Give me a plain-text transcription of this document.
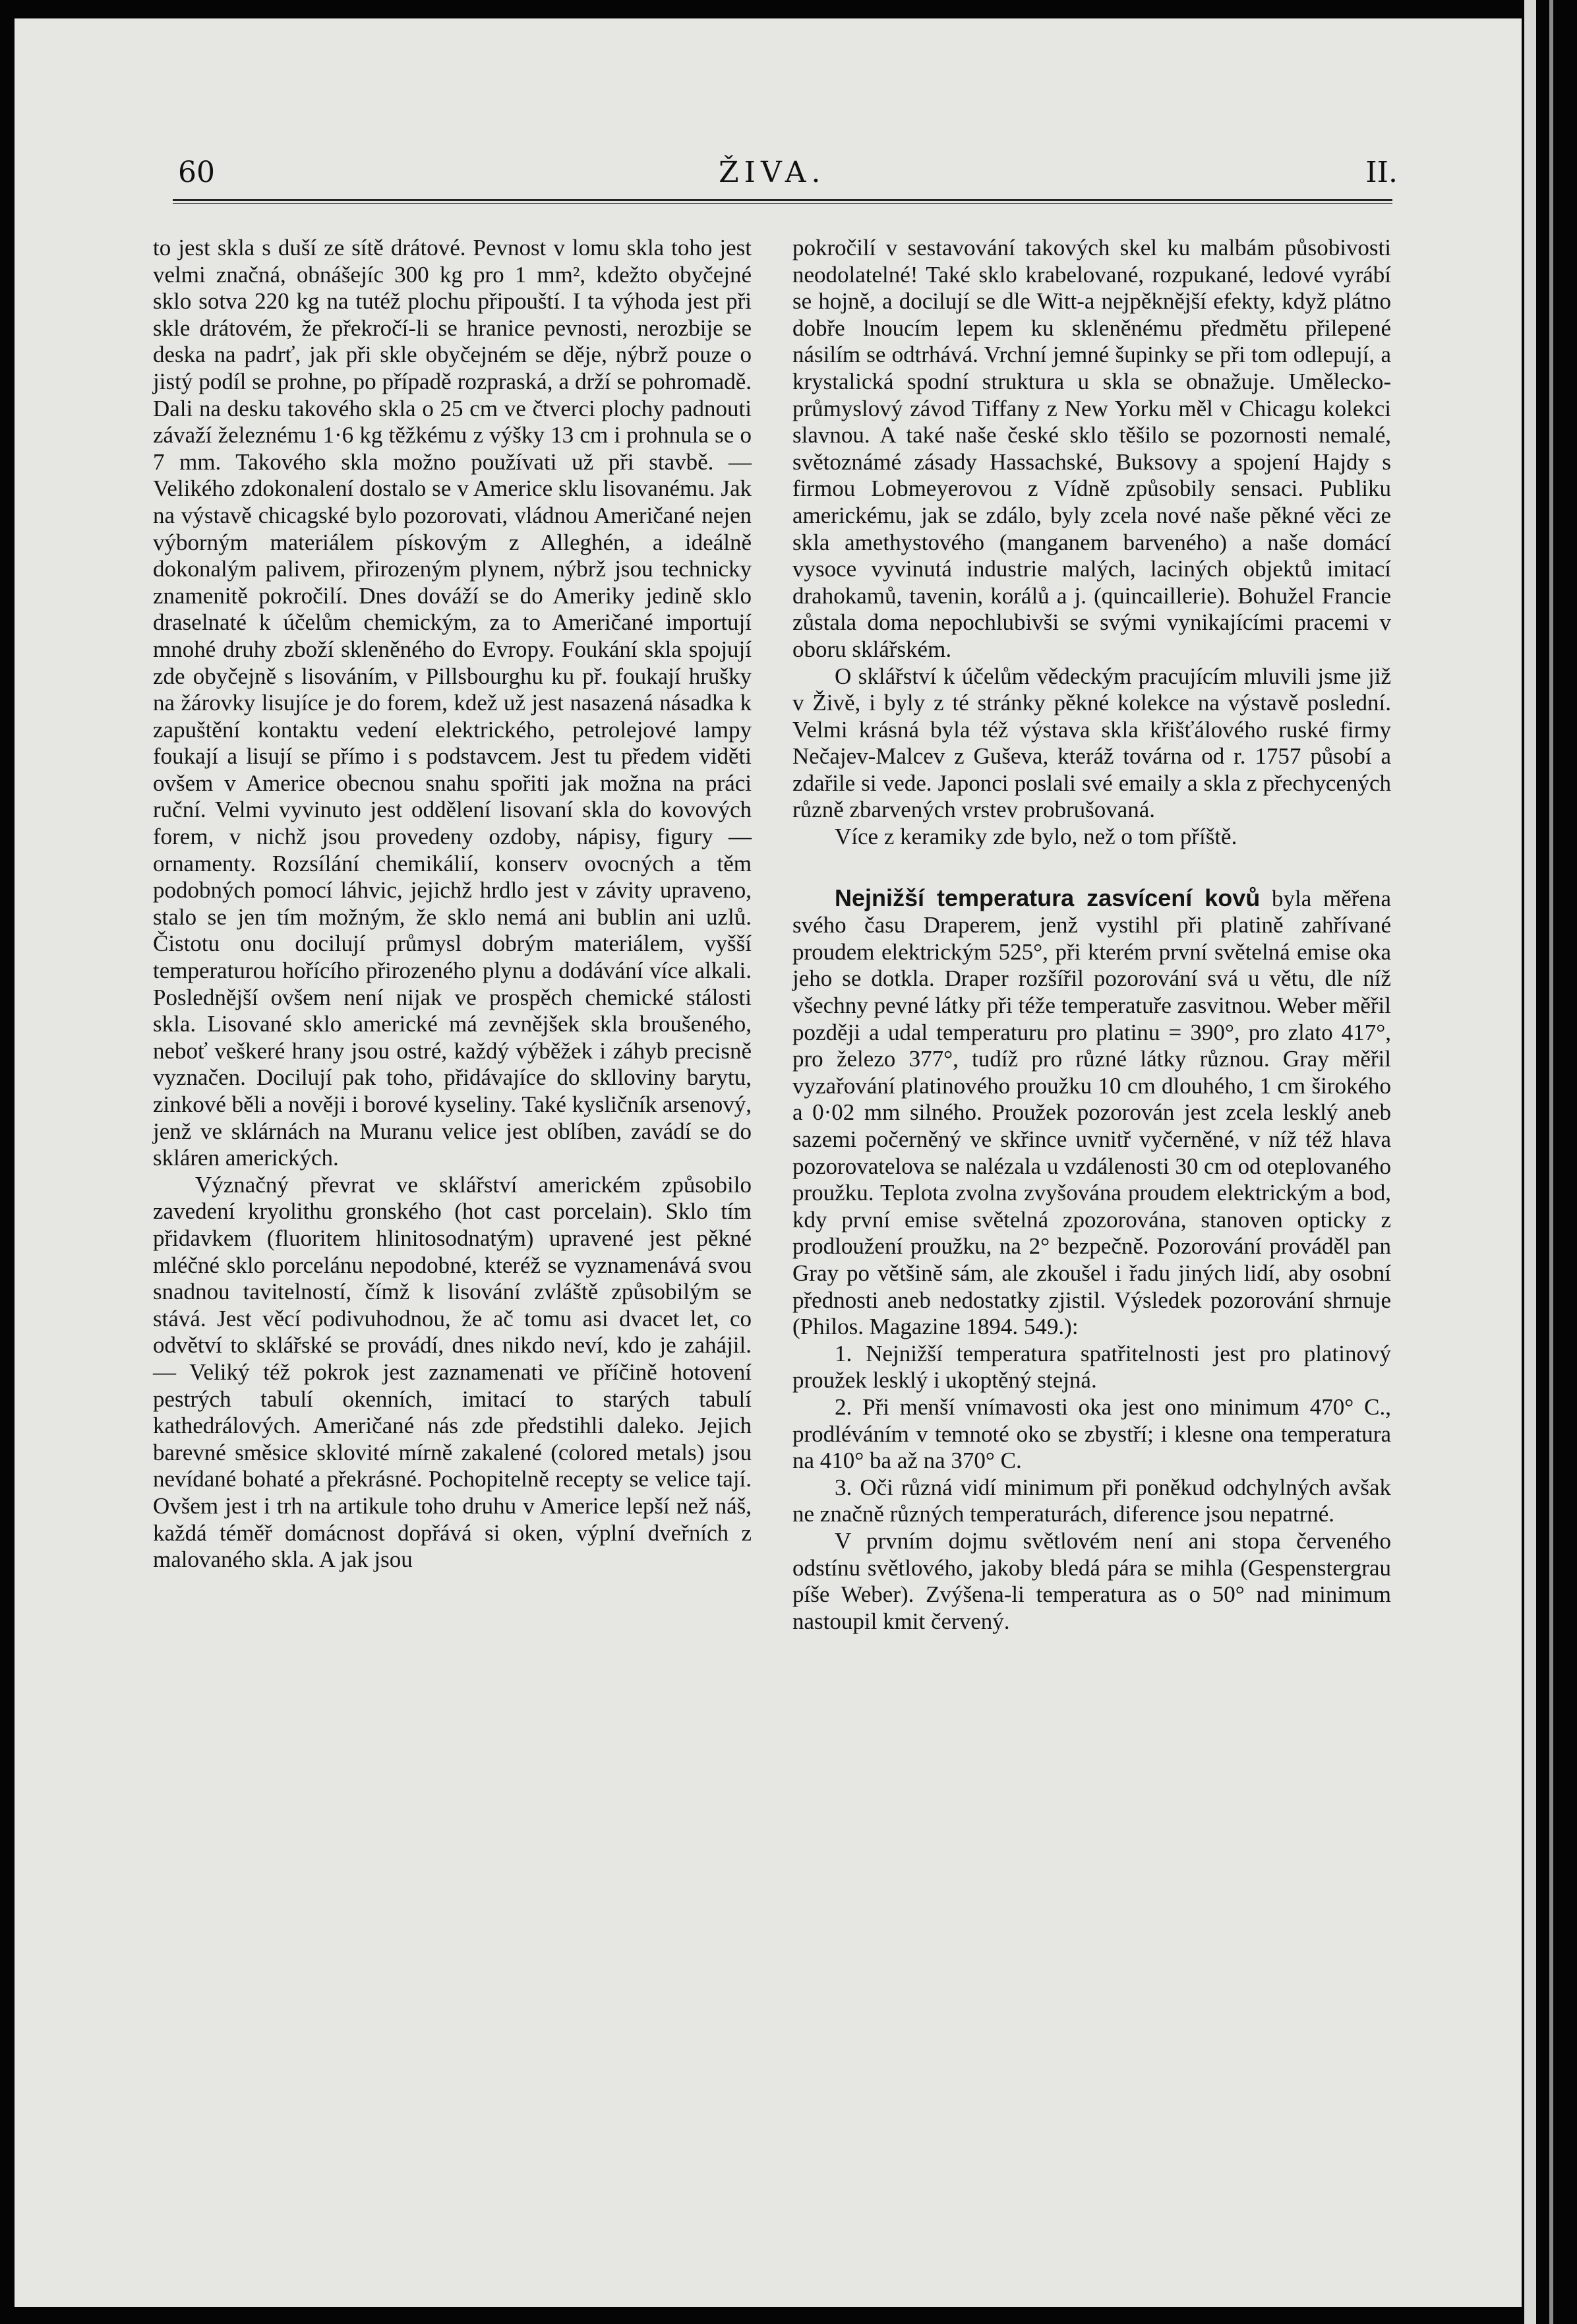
60	ŽIVA.	II.

to jest skla s duší ze sítě drátové. Pevnost v lomu skla toho jest velmi značná, obnášejíc 300 kg pro 1 mm², kdežto obyčejné sklo sotva 220 kg na tutéž plochu připouští. I ta výhoda jest při skle drátovém, že překročí-li se hranice pevnosti, nerozbije se deska na padrť, jak při skle obyčejném se děje, nýbrž pouze o jistý podíl se prohne, po případě rozpraská, a drží se pohromadě. Dali na desku takového skla o 25 cm ve čtverci plochy padnouti závaží železnému 1·6 kg těžkému z výšky 13 cm i prohnula se o 7 mm. Takového skla možno používati už při stavbě. — Velikého zdokonalení dostalo se v Americe sklu lisovanému. Jak na výstavě chicagské bylo pozorovati, vládnou Američané nejen výborným materiálem pískovým z Alleghén, a ideálně dokonalým palivem, přirozeným plynem, nýbrž jsou technicky znamenitě pokročilí. Dnes dováží se do Ameriky jedině sklo draselnaté k účelům chemickým, za to Američané importují mnohé druhy zboží skleněného do Evropy. Foukání skla spojují zde obyčejně s lisováním, v Pillsbourghu ku př. foukají hrušky na žárovky lisujíce je do forem, kdež už jest nasazená násadka k zapuštění kontaktu vedení elektrického, petrolejové lampy foukají a lisují se přímo i s podstavcem. Jest tu předem viděti ovšem v Americe obecnou snahu spořiti jak možna na práci ruční. Velmi vyvinuto jest oddělení lisovaní skla do kovových forem, v nichž jsou provedeny ozdoby, nápisy, figury — ornamenty. Rozsílání chemikálií, konserv ovocných a těm podobných pomocí láhvic, jejichž hrdlo jest v závity upraveno, stalo se jen tím možným, že sklo nemá ani bublin ani uzlů. Čistotu onu docilují průmysl dobrým materiálem, vyšší temperaturou hořícího přirozeného plynu a dodávání více alkali. Poslednější ovšem není nijak ve prospěch chemické stálosti skla. Lisované sklo americké má zevnějšek skla broušeného, neboť veškeré hrany jsou ostré, každý výběžek i záhyb precisně vyznačen. Docilují pak toho, přidávajíce do sklloviny barytu, zinkové běli a nověji i borové kyseliny. Také kysličník arsenový, jenž ve sklárnách na Muranu velice jest oblíben, zavádí se do skláren amerických.

Význačný převrat ve sklářství americkém způsobilo zavedení kryolithu gronského (hot cast porcelain). Sklo tím přidavkem (fluoritem hlinitosodnatým) upravené jest pěkné mléčné sklo porcelánu nepodobné, kteréž se vyznamenává svou snadnou tavitelností, čímž k lisování zvláště způsobilým se stává. Jest věcí podivuhodnou, že ač tomu asi dvacet let, co odvětví to sklářské se provádí, dnes nikdo neví, kdo je zahájil. — Veliký též pokrok jest zaznamenati ve příčině hotovení pestrých tabulí okenních, imitací to starých tabulí kathedrálových. Američané nás zde předstihli daleko. Jejich barevné směsice sklovité mírně zakalené (colored metals) jsou nevídané bohaté a překrásné. Pochopitelně recepty se velice tají. Ovšem jest i trh na artikule toho druhu v Americe lepší než náš, každá téměř domácnost dopřává si oken, výplní dveřních z malovaného skla. A jak jsou

pokročilí v sestavování takových skel ku malbám působivosti neodolatelné! Také sklo krabelované, rozpukané, ledové vyrábí se hojně, a docilují se dle Witt-a nejpěknější efekty, když plátno dobře lnoucím lepem ku skleněnému předmětu přilepené násilím se odtrhává. Vrchní jemné šupinky se při tom odlepují, a krystalická spodní struktura u skla se obnažuje. Umělecko-průmyslový závod Tiffany z New Yorku měl v Chicagu kolekci slavnou. A také naše české sklo těšilo se pozornosti nemalé, světoznámé zásady Hassachské, Buksovy a spojení Hajdy s firmou Lobmeyerovou z Vídně způsobily sensaci. Publiku americkému, jak se zdálo, byly zcela nové naše pěkné věci ze skla amethystového (manganem barveného) a naše domácí vysoce vyvinutá industrie malých, laciných objektů imitací drahokamů, tavenin, korálů a j. (quincaillerie). Bohužel Francie zůstala doma nepochlubivši se svými vynikajícími pracemi v oboru sklářském.

O sklářství k účelům vědeckým pracujícím mluvili jsme již v Živě, i byly z té stránky pěkné kolekce na výstavě poslední. Velmi krásná byla též výstava skla křišťálového ruské firmy Nečajev-Malcev z Guševa, kteráž továrna od r. 1757 působí a zdařile si vede. Japonci poslali své emaily a skla z přechycených různě zbarvených vrstev probrušovaná.

Více z keramiky zde bylo, než o tom příště.

Nejnižší temperatura zasvícení kovů byla měřena svého času Draperem, jenž vystihl při platině zahřívané proudem elektrickým 525°, při kterém první světelná emise oka jeho se dotkla. Draper rozšířil pozorování svá u větu, dle níž všechny pevné látky při téže temperatuře zasvitnou. Weber měřil později a udal temperaturu pro platinu = 390°, pro zlato 417°, pro železo 377°, tudíž pro různé látky různou. Gray měřil vyzařování platinového proužku 10 cm dlouhého, 1 cm širokého a 0·02 mm silného. Proužek pozorován jest zcela lesklý aneb sazemi počerněný ve skřince uvnitř vyčerněné, v níž též hlava pozorovatelova se nalézala u vzdálenosti 30 cm od oteplovaného proužku. Teplota zvolna zvyšována proudem elektrickým a bod, kdy první emise světelná zpozorována, stanoven opticky z prodloužení proužku, na 2° bezpečně. Pozorování prováděl pan Gray po většině sám, ale zkoušel i řadu jiných lidí, aby osobní přednosti aneb nedostatky zjistil. Výsledek pozorování shrnuje (Philos. Magazine 1894. 549.):

1. Nejnižší temperatura spatřitelnosti jest pro platinový proužek lesklý i ukoptěný stejná.

2. Při menší vnímavosti oka jest ono minimum 470° C., prodléváním v temnoté oko se zbystří; i klesne ona temperatura na 410° ba až na 370° C.

3. Oči různá vidí minimum při poněkud odchylných avšak ne značně různých temperaturách, diference jsou nepatrné.

V prvním dojmu světlovém není ani stopa červeného odstínu světlového, jakoby bledá pára se mihla (Gespenstergrau píše Weber). Zvýšena-li temperatura as o 50° nad minimum nastoupil kmit červený.
